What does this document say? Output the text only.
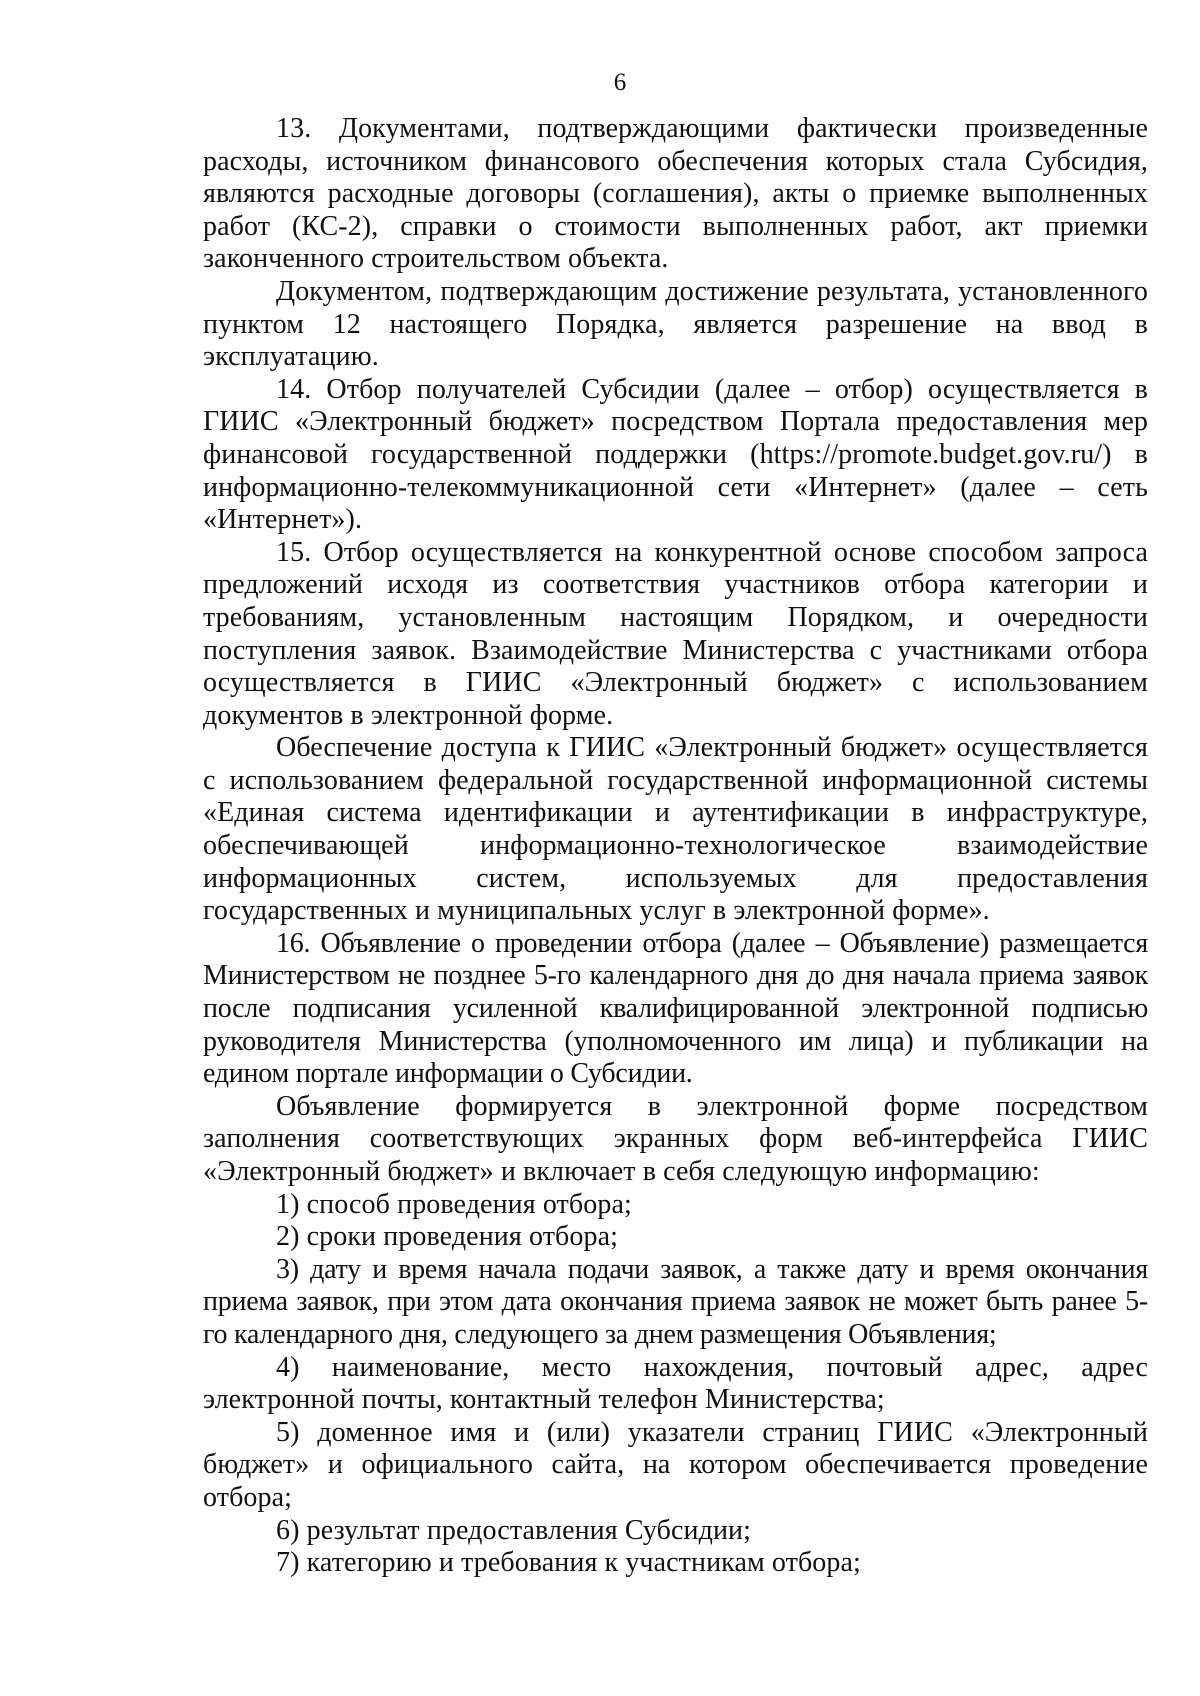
6

13. Документами, подтверждающими фактически произведенные расходы, источником финансового обеспечения которых стала Субсидия, являются расходные договоры (соглашения), акты о приемке выполненных работ (КС-2), справки о стоимости выполненных работ, акт приемки законченного строительством объекта.

Документом, подтверждающим достижение результата, установленного пунктом 12 настоящего Порядка, является разрешение на ввод в эксплуатацию.

14. Отбор получателей Субсидии (далее – отбор) осуществляется в ГИИС «Электронный бюджет» посредством Портала предоставления мер финансовой государственной поддержки (https://promote.budget.gov.ru/) в информационно-телекоммуникационной сети «Интернет» (далее – сеть «Интернет»).

15. Отбор осуществляется на конкурентной основе способом запроса предложений исходя из соответствия участников отбора категории и требованиям, установленным настоящим Порядком, и очередности поступления заявок. Взаимодействие Министерства с участниками отбора осуществляется в ГИИС «Электронный бюджет» с использованием документов в электронной форме.

Обеспечение доступа к ГИИС «Электронный бюджет» осуществляется с использованием федеральной государственной информационной системы «Единая система идентификации и аутентификации в инфраструктуре, обеспечивающей информационно-технологическое взаимодействие информационных систем, используемых для предоставления государственных и муниципальных услуг в электронной форме».

16. Объявление о проведении отбора (далее – Объявление) размещается Министерством не позднее 5-го календарного дня до дня начала приема заявок после подписания усиленной квалифицированной электронной подписью руководителя Министерства (уполномоченного им лица) и публикации на едином портале информации о Субсидии.

Объявление формируется в электронной форме посредством заполнения соответствующих экранных форм веб-интерфейса ГИИС «Электронный бюджет» и включает в себя следующую информацию:

1) способ проведения отбора;

2) сроки проведения отбора;

3) дату и время начала подачи заявок, а также дату и время окончания приема заявок, при этом дата окончания приема заявок не может быть ранее 5-го календарного дня, следующего за днем размещения Объявления;

4) наименование, место нахождения, почтовый адрес, адрес электронной почты, контактный телефон Министерства;

5) доменное имя и (или) указатели страниц ГИИС «Электронный бюджет» и официального сайта, на котором обеспечивается проведение отбора;

6) результат предоставления Субсидии;

7) категорию и требования к участникам отбора;
